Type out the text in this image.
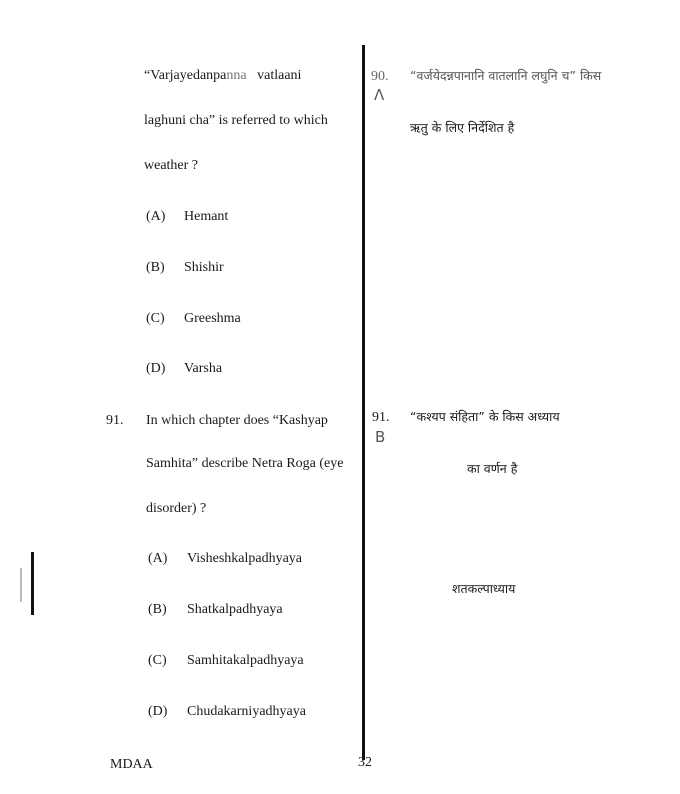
“Varjayedanpanna vatlaani
laghuni cha” is referred to which
weather ?
(A) Hemant
(B) Shishir
(C) Greeshma
(D) Varsha
91. In which chapter does “Kashyap
Samhita” describe Netra Roga (eye
disorder) ?
(A) Visheshkalpadhyaya
(B) Shatkalpadhyaya
(C) Samhitakalpadhyaya
(D) Chudakarniyadhyaya
90.
Λ
“वर्जयेदन्नपानानि वातलानि लघुनि च” किस
ऋतु के लिए निर्देशित है
91.
B
“कश्यप संहिता” के किस अध्याय
का वर्णन है
शतकल्पाध्याय
MDAA	32
